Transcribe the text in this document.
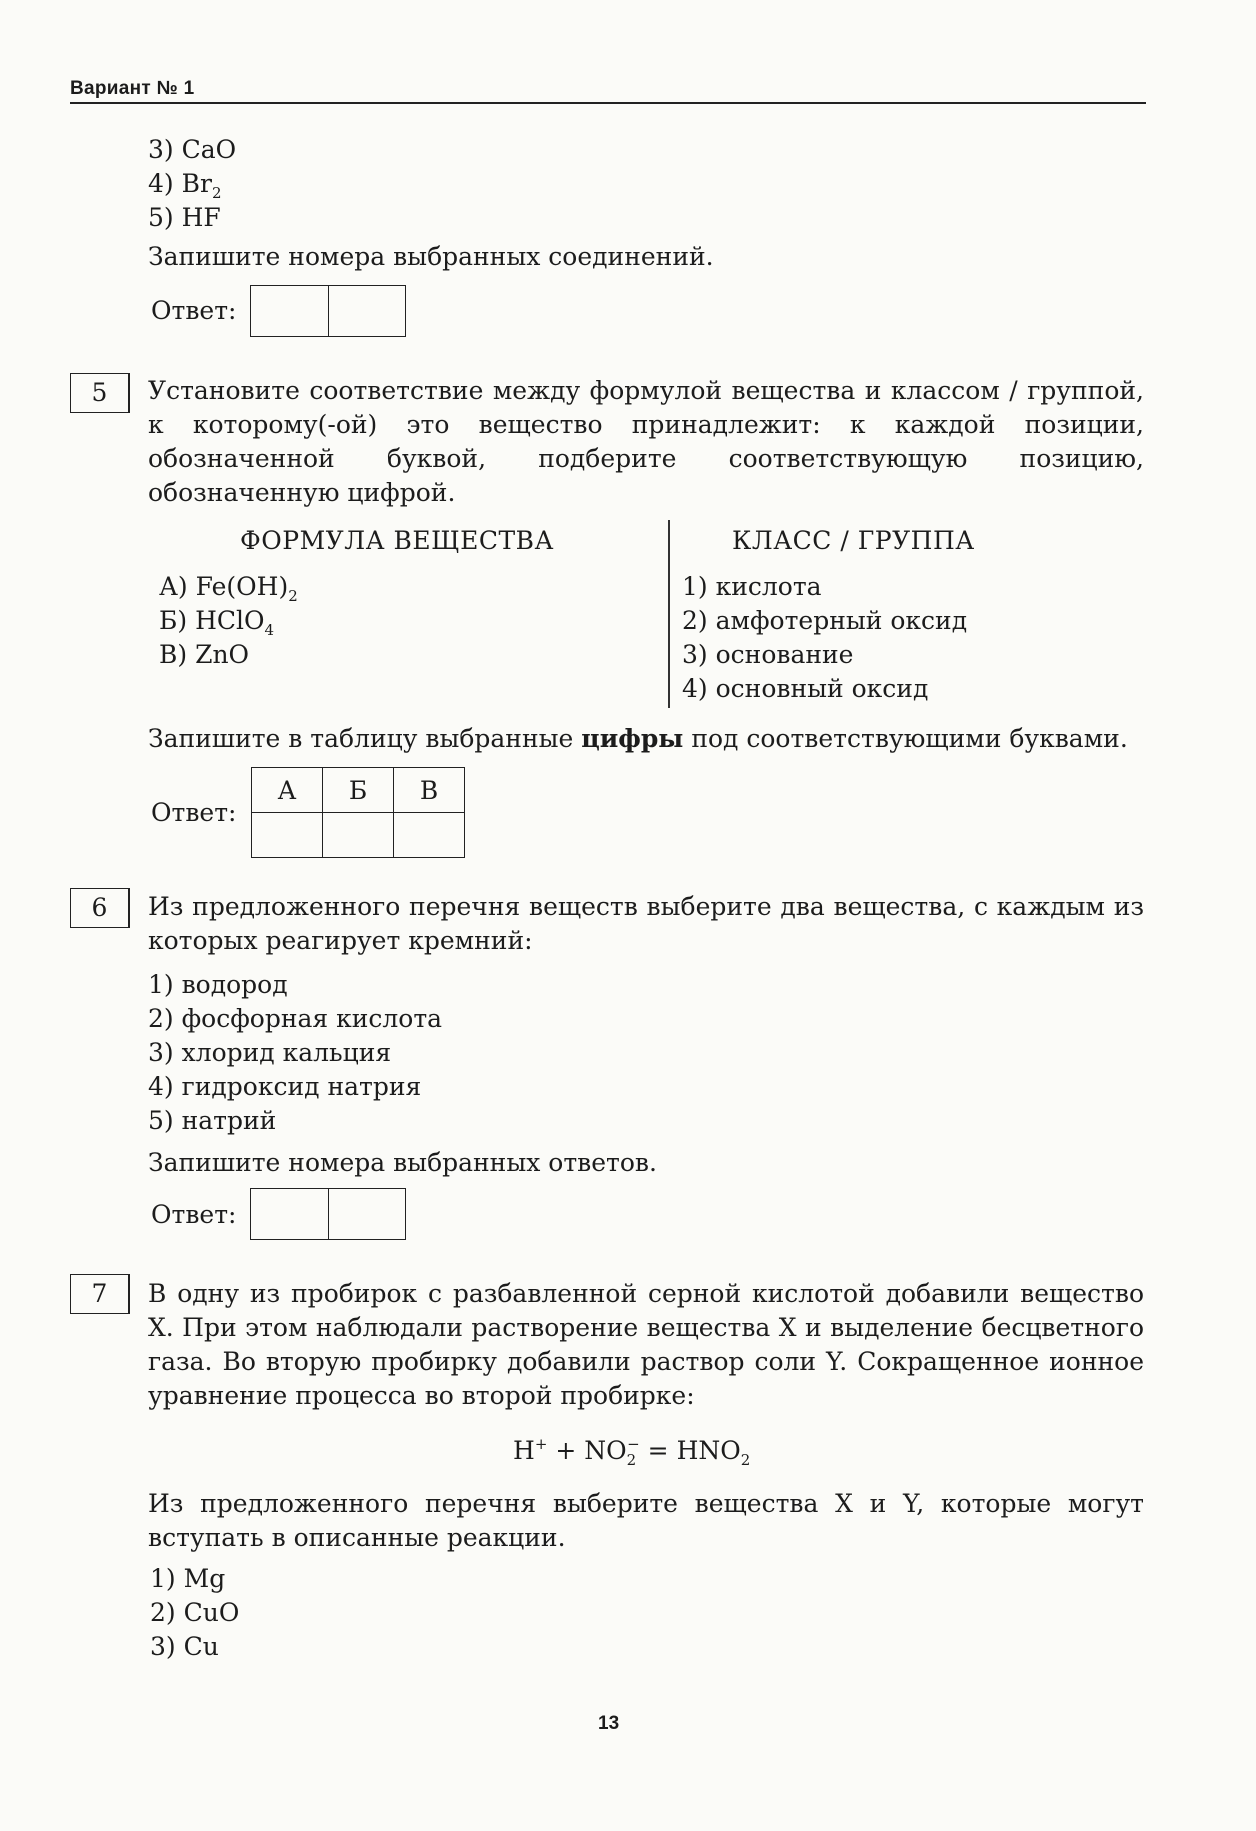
Вариант № 1
3) CaO
4) $Br_2$
5) HF
Запишите номера выбранных соединений.
Ответ:
5	Установите соответствие между формулой вещества и классом / группой, к которому(-ой) это вещество принадлежит: к каждой позиции, обозначенной буквой, подберите соответствующую позицию, обозначенную цифрой.
ФОРМУЛА ВЕЩЕСТВА	КЛАСС / ГРУППА
А) $Fe(OH)_2$
Б) HClO$_4$
В) ZnO
1) кислота
2) амфотерный оксид
3) основание
4) основный оксид
Запишите в таблицу выбранные цифры под соответствующими буквами.
Ответ:
А	Б	В

6	Из предложенного перечня веществ выберите два вещества, с каждым из которых реагирует кремний:
1) водород
2) фосфорная кислота
3) хлорид кальция
4) гидроксид натрия
5) натрий
Запишите номера выбранных ответов.
Ответ:
7	В одну из пробирок с разбавленной серной кислотой добавили вещество X. При этом наблюдали растворение вещества X и выделение бесцветного газа. Во вторую пробирку добавили раствор соли Y. Сокращенное ионное уравнение процесса во второй пробирке:
$H^+ + NO_2^- = HNO_2$
Из предложенного перечня выберите вещества X и Y, которые могут вступать в описанные реакции.
1) Mg
2) CuO
3) Cu
13
